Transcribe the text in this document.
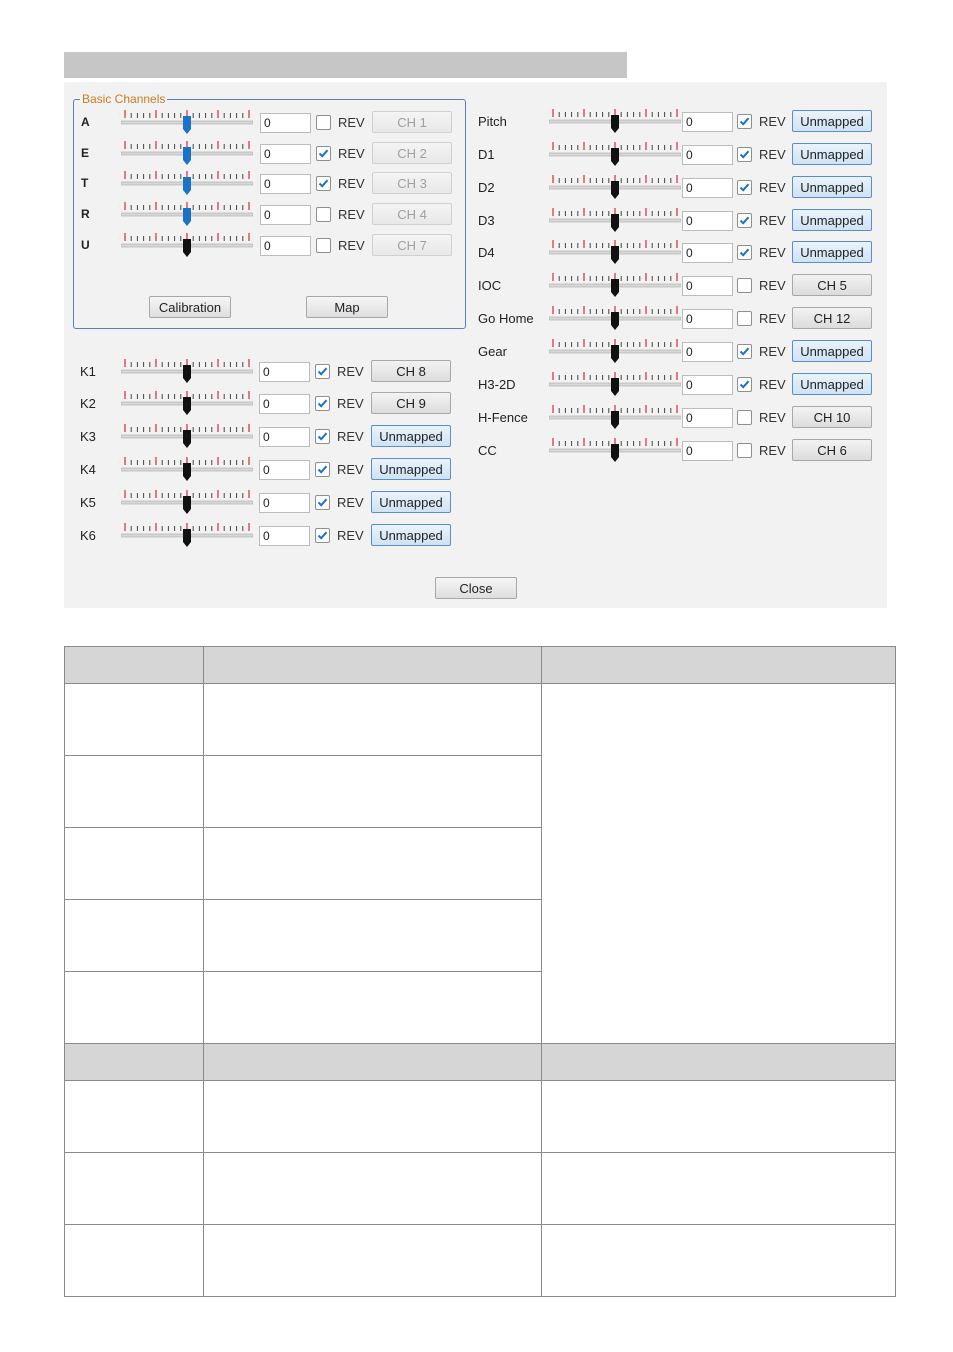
Basic Channels
A	0	REV	CH 1
E	0	REV	CH 2
T	0	REV	CH 3
R	0	REV	CH 4
U	0	REV	CH 7
K1	0	REV	CH 8
K2	0	REV	CH 9
K3	0	REV	Unmapped
K4	0	REV	Unmapped
K5	0	REV	Unmapped
K6	0	REV	Unmapped
Pitch	0	REV	Unmapped
D1	0	REV	Unmapped
D2	0	REV	Unmapped
D3	0	REV	Unmapped
D4	0	REV	Unmapped
IOC	0	REV	CH 5
Go Home	0	REV	CH 12
Gear	0	REV	Unmapped
H3-2D	0	REV	Unmapped
H-Fence	0	REV	CH 10
CC	0	REV	CH 6
Calibration	Map
Close
